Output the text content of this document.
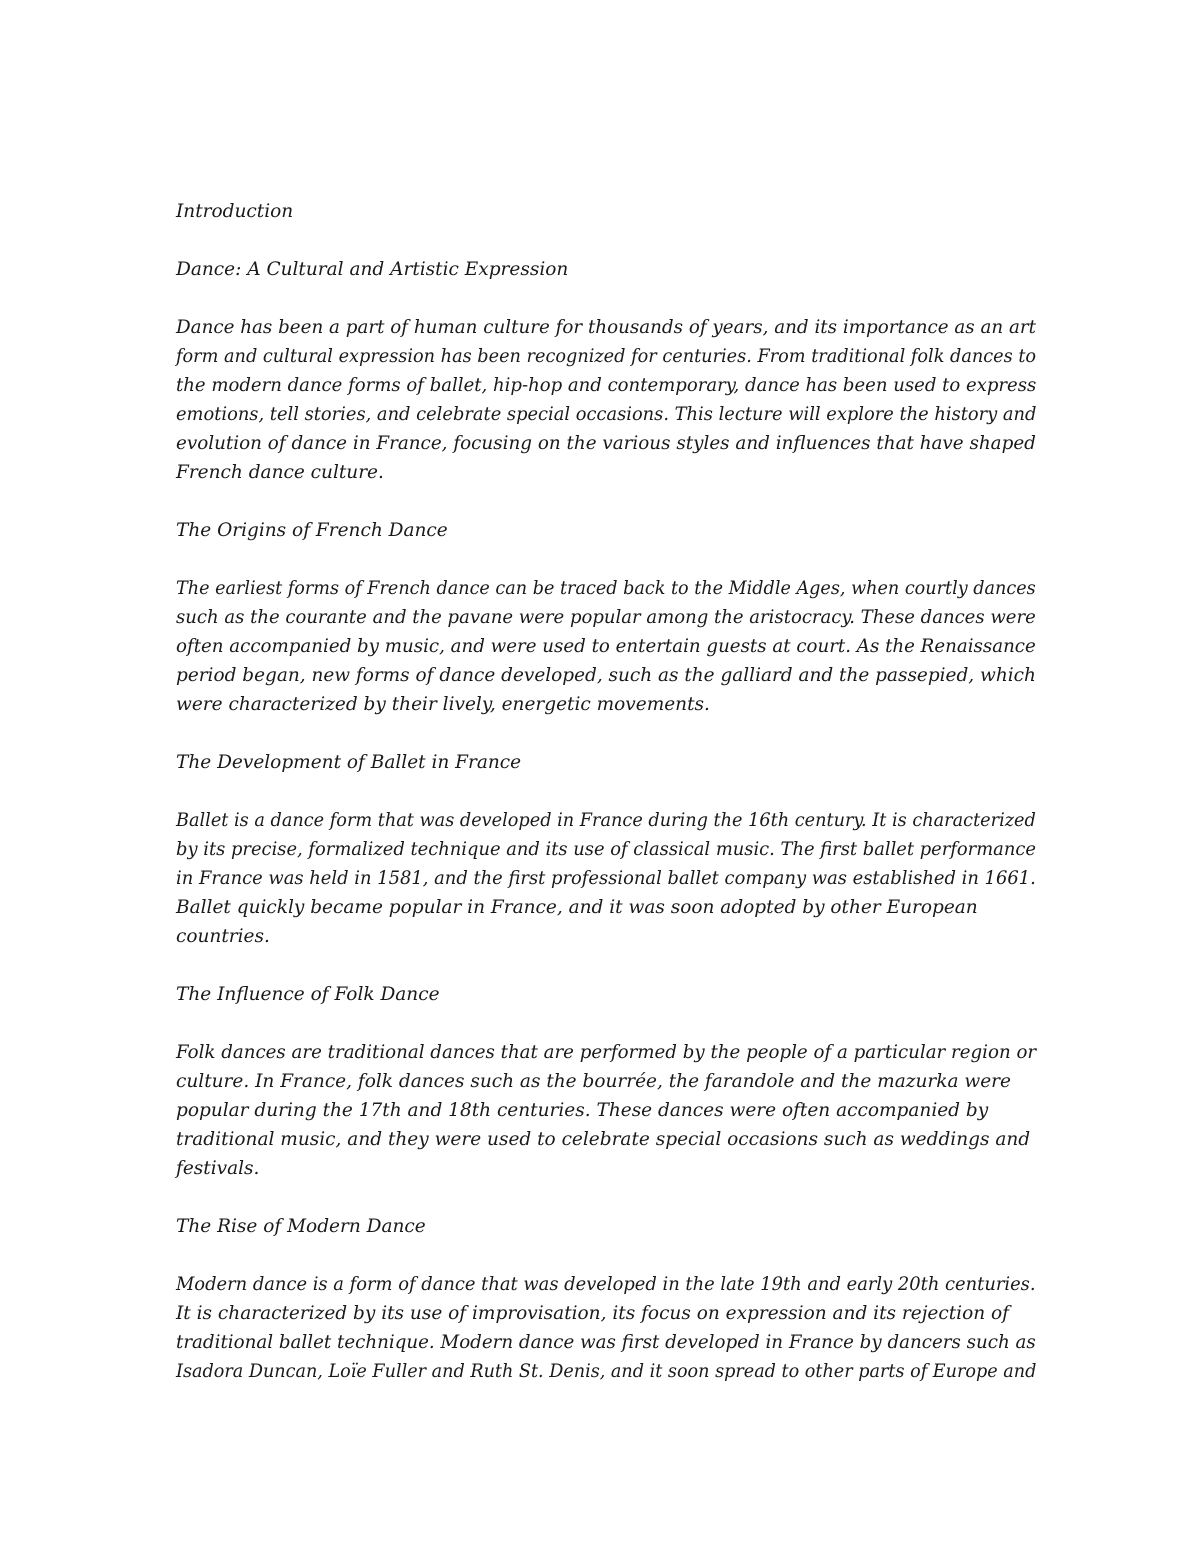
Introduction
Dance: A Cultural and Artistic Expression
Dance has been a part of human culture for thousands of years, and its importance as an art
form and cultural expression has been recognized for centuries. From traditional folk dances to
the modern dance forms of ballet, hip-hop and contemporary, dance has been used to express
emotions, tell stories, and celebrate special occasions. This lecture will explore the history and
evolution of dance in France, focusing on the various styles and influences that have shaped
French dance culture.
The Origins of French Dance
The earliest forms of French dance can be traced back to the Middle Ages, when courtly dances
such as the courante and the pavane were popular among the aristocracy. These dances were
often accompanied by music, and were used to entertain guests at court. As the Renaissance
period began, new forms of dance developed, such as the galliard and the passepied, which
were characterized by their lively, energetic movements.
The Development of Ballet in France
Ballet is a dance form that was developed in France during the 16th century. It is characterized
by its precise, formalized technique and its use of classical music. The first ballet performance
in France was held in 1581, and the first professional ballet company was established in 1661.
Ballet quickly became popular in France, and it was soon adopted by other European
countries.
The Influence of Folk Dance
Folk dances are traditional dances that are performed by the people of a particular region or
culture. In France, folk dances such as the bourrée, the farandole and the mazurka were
popular during the 17th and 18th centuries. These dances were often accompanied by
traditional music, and they were used to celebrate special occasions such as weddings and
festivals.
The Rise of Modern Dance
Modern dance is a form of dance that was developed in the late 19th and early 20th centuries.
It is characterized by its use of improvisation, its focus on expression and its rejection of
traditional ballet technique. Modern dance was first developed in France by dancers such as
Isadora Duncan, Loïe Fuller and Ruth St. Denis, and it soon spread to other parts of Europe and
